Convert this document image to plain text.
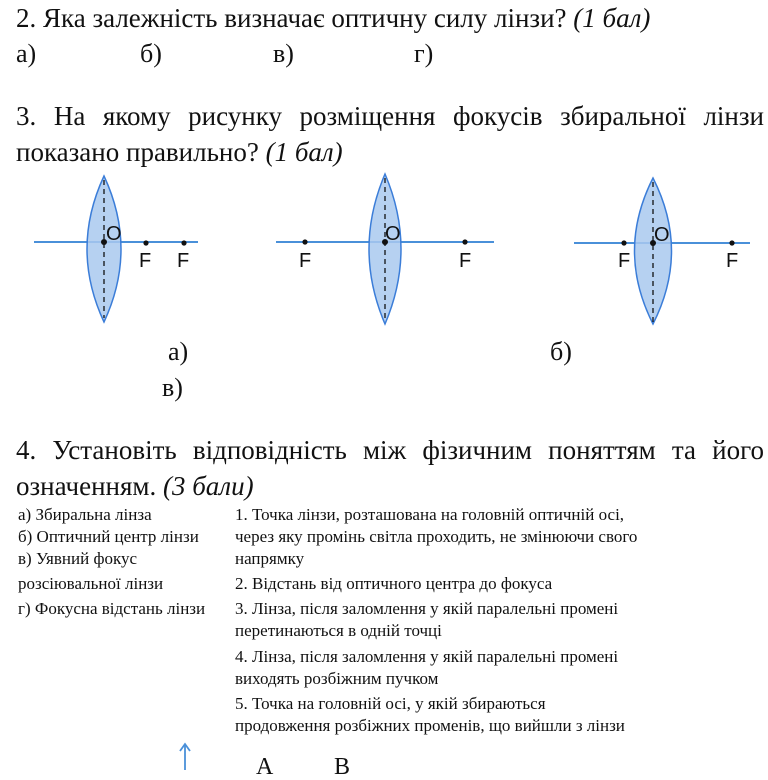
2. Яка залежність визначає оптичну силу лінзи? (1 бал)
а)	б)	в)	г)
3. На якому рисунку розміщення фокусів збиральної лінзи
показано правильно? (1 бал)
O
F F
O
F	F
O
F	F
а)	б)
в)
4. Установіть відповідність між фізичним поняттям та його
означенням. (3 бали)
а) Збиральна лінза
б) Оптичний центр лінзи
в) Уявний фокус
розсіювальної лінзи
г) Фокусна відстань лінзи
1. Точка лінзи, розташована на головній оптичній осі,
через яку промінь світла проходить, не змінюючи свого
напрямку
2. Відстань від оптичного центра до фокуса
3. Лінза, після заломлення у якій паралельні промені
перетинаються в одній точці
4. Лінза, після заломлення у якій паралельні промені
виходять розбіжним пучком
5. Точка на головній осі, у якій збираються
продовження розбіжних променів, що вийшли з лінзи
А	В
